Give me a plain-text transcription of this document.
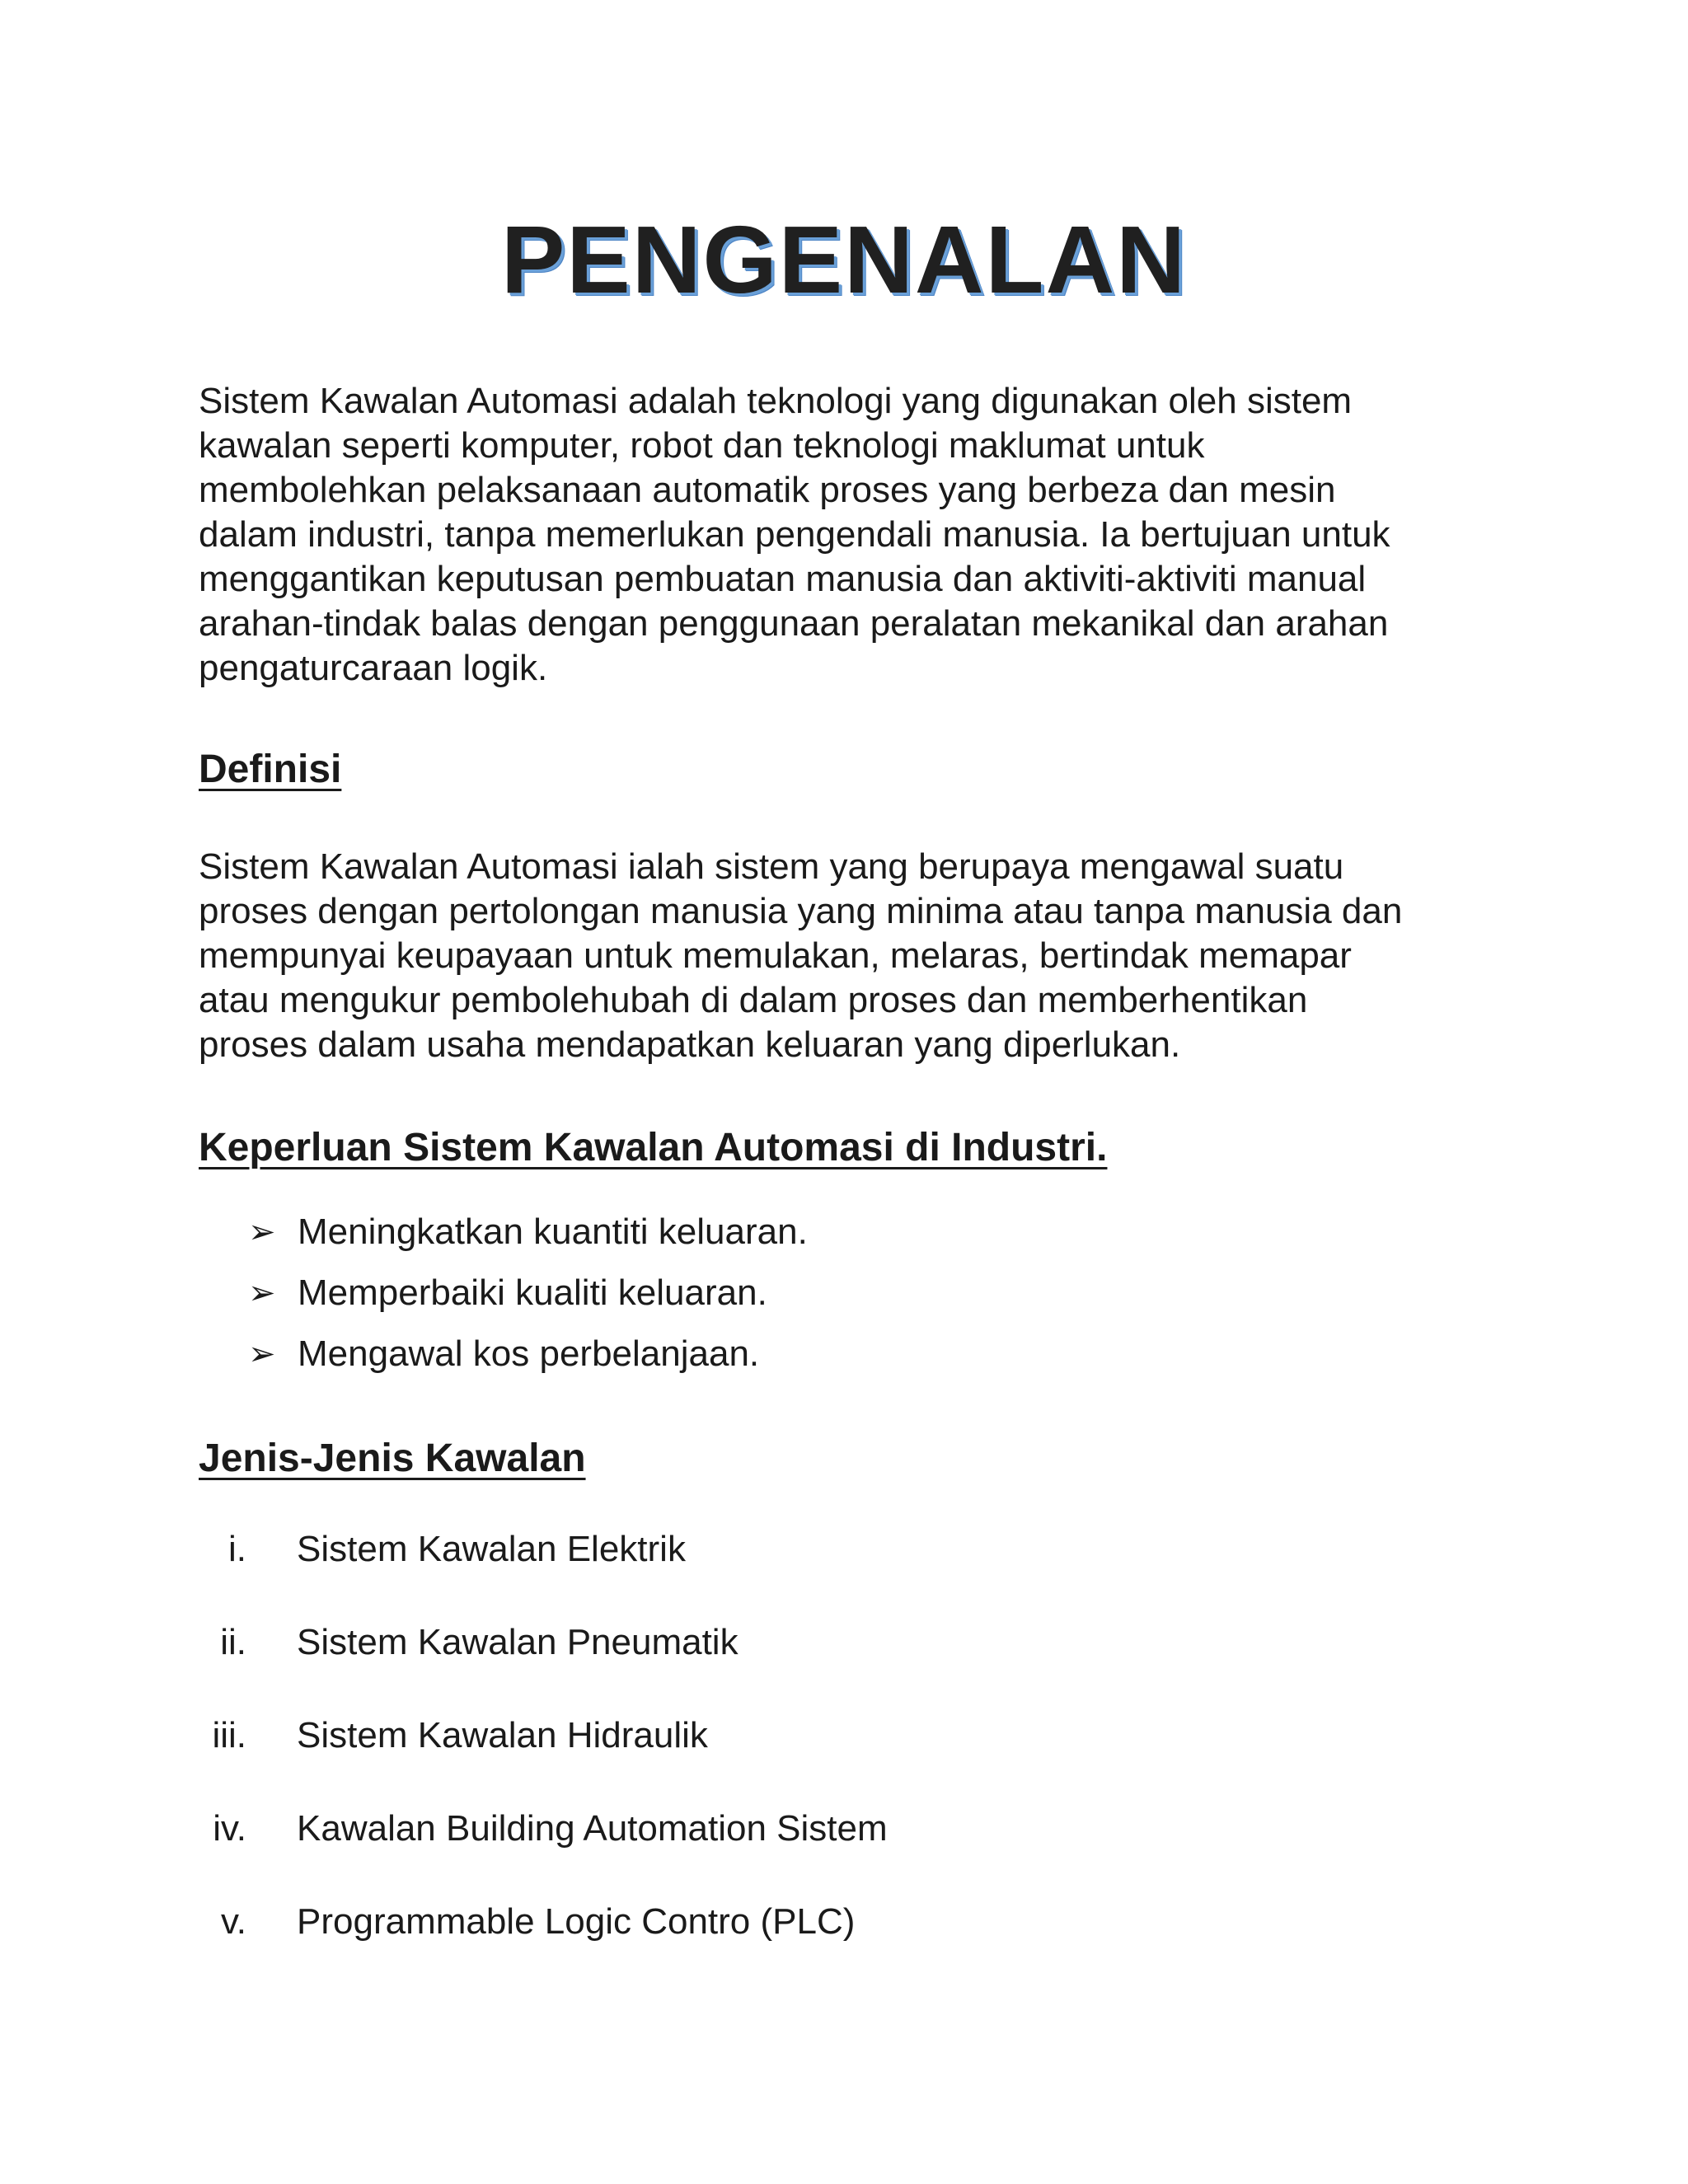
PENGENALAN

Sistem Kawalan Automasi adalah teknologi yang digunakan oleh sistem
kawalan seperti komputer, robot dan teknologi maklumat untuk
membolehkan pelaksanaan automatik proses yang berbeza dan mesin
dalam industri, tanpa memerlukan pengendali manusia. Ia bertujuan untuk
menggantikan keputusan pembuatan manusia dan aktiviti-aktiviti manual
arahan-tindak balas dengan penggunaan peralatan mekanikal dan arahan
pengaturcaraan logik.

Definisi

Sistem Kawalan Automasi ialah sistem yang berupaya mengawal suatu
proses dengan pertolongan manusia yang minima atau tanpa manusia dan
mempunyai keupayaan untuk memulakan, melaras, bertindak memapar
atau mengukur pembolehubah di dalam proses dan memberhentikan
proses dalam usaha mendapatkan keluaran yang diperlukan.

Keperluan Sistem Kawalan Automasi di Industri.
➢ Meningkatkan kuantiti keluaran.
➢ Memperbaiki kualiti keluaran.
➢ Mengawal kos perbelanjaan.
Jenis-Jenis Kawalan
i. Sistem Kawalan Elektrik
ii. Sistem Kawalan Pneumatik
iii. Sistem Kawalan Hidraulik
iv. Kawalan Building Automation Sistem
v. Programmable Logic Contro (PLC)
